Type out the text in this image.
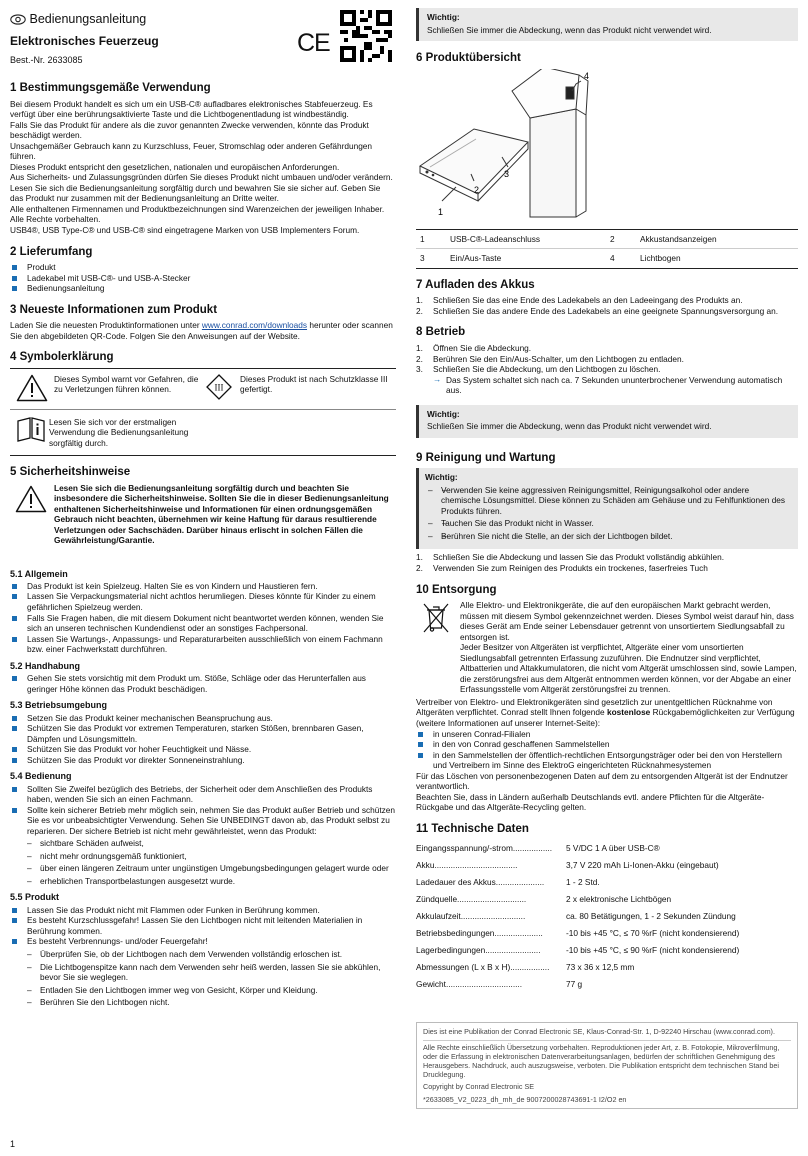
Bedienungsanleitung
Elektronisches Feuerzeug
Best.-Nr. 2633085
CE
1 Bestimmungsgemäße Verwendung

Bei diesem Produkt handelt es sich um ein USB-C® aufladbares elektronisches Stabfeuerzeug. Es verfügt über eine berührungsaktivierte Taste und die Lichtbogenentladung ist windbeständig.

Falls Sie das Produkt für andere als die zuvor genannten Zwecke verwenden, könnte das Produkt beschädigt werden.

Unsachgemäßer Gebrauch kann zu Kurzschluss, Feuer, Stromschlag oder anderen Gefährdungen führen.

Dieses Produkt entspricht den gesetzlichen, nationalen und europäischen Anforderungen.

Aus Sicherheits- und Zulassungsgründen dürfen Sie dieses Produkt nicht umbauen und/oder verändern.

Lesen Sie sich die Bedienungsanleitung sorgfältig durch und bewahren Sie sie sicher auf. Geben Sie das Produkt nur zusammen mit der Bedienungsanleitung an Dritte weiter.

Alle enthaltenen Firmennamen und Produktbezeichnungen sind Warenzeichen der jeweiligen Inhaber. Alle Rechte vorbehalten.

USB4®, USB Type-C® und USB-C® sind eingetragene Marken von USB Implementers Forum.

2 Lieferumfang
Produkt
Ladekabel mit USB-C®- und USB-A-Stecker
Bedienungsanleitung
3 Neueste Informationen zum Produkt

Laden Sie die neuesten Produktinformationen unter www.conrad.com/downloads herunter oder scannen Sie den abgebildeten QR-Code. Folgen Sie den Anweisungen auf der Website.

4 Symbolerklärung
Dieses Symbol warnt vor Gefahren, die zu Verletzungen führen können.	III
Dieses Produkt ist nach Schutzklasse III gefertigt.
Lesen Sie sich vor der erstmaligen Verwendung die Bedienungsanleitung sorgfältig durch.
5 Sicherheitshinweise
Lesen Sie sich die Bedienungsanleitung sorgfältig durch und beachten Sie insbesondere die Sicherheitshinweise. Sollten Sie die in dieser Bedienungsanleitung enthaltenen Sicherheitshinweise und Informationen für einen ordnungsgemäßen Gebrauch nicht beachten, übernehmen wir keine Haftung für daraus resultierende Verletzungen oder Sachschäden. Darüber hinaus erlischt in solchen Fällen die Gewährleistung/Garantie.
5.1 Allgemein
Das Produkt ist kein Spielzeug. Halten Sie es von Kindern und Haustieren fern.
Lassen Sie Verpackungsmaterial nicht achtlos herumliegen. Dieses könnte für Kinder zu einem gefährlichen Spielzeug werden.
Falls Sie Fragen haben, die mit diesem Dokument nicht beantwortet werden können, wenden Sie sich an unseren technischen Kundendienst oder an sonstiges Fachpersonal.
Lassen Sie Wartungs-, Anpassungs- und Reparaturarbeiten ausschließlich von einem Fachmann bzw. einer Fachwerkstatt durchführen.
5.2 Handhabung
Gehen Sie stets vorsichtig mit dem Produkt um. Stöße, Schläge oder das Herunterfallen aus geringer Höhe können das Produkt beschädigen.
5.3 Betriebsumgebung
Setzen Sie das Produkt keiner mechanischen Beanspruchung aus.
Schützen Sie das Produkt vor extremen Temperaturen, starken Stößen, brennbaren Gasen, Dämpfen und Lösungsmitteln.
Schützen Sie das Produkt vor hoher Feuchtigkeit und Nässe.
Schützen Sie das Produkt vor direkter Sonneneinstrahlung.
5.4 Bedienung
Sollten Sie Zweifel bezüglich des Betriebs, der Sicherheit oder dem Anschließen des Produkts haben, wenden Sie sich an einen Fachmann.
Sollte kein sicherer Betrieb mehr möglich sein, nehmen Sie das Produkt außer Betrieb und schützen Sie es vor unbeabsichtigter Verwendung. Sehen Sie UNBEDINGT davon ab, das Produkt selbst zu reparieren. Der sichere Betrieb ist nicht mehr gewährleistet, wenn das Produkt:
– sichtbare Schäden aufweist,
– nicht mehr ordnungsgemäß funktioniert,
– über einen längeren Zeitraum unter ungünstigen Umgebungsbedingungen gelagert wurde oder
– erheblichen Transportbelastungen ausgesetzt wurde.
5.5 Produkt
Lassen Sie das Produkt nicht mit Flammen oder Funken in Berührung kommen.
Es besteht Kurzschlussgefahr! Lassen Sie den Lichtbogen nicht mit leitenden Materialien in Berührung kommen.
Es besteht Verbrennungs- und/oder Feuergefahr!
– Überprüfen Sie, ob der Lichtbogen nach dem Verwenden vollständig erloschen ist.
– Die Lichtbogenspitze kann nach dem Verwenden sehr heiß werden, lassen Sie sie abkühlen, bevor Sie sie weglegen.
– Entladen Sie den Lichtbogen immer weg von Gesicht, Körper und Kleidung.
– Berühren Sie den Lichtbogen nicht.
Wichtig:
Schließen Sie immer die Abdeckung, wenn das Produkt nicht verwendet wird.
6 Produktübersicht
1
2
3
4
1	USB-C®-Ladeanschluss	2	Akkustandsanzeigen
3	Ein/Aus-Taste	4	Lichtbogen
7 Aufladen des Akkus
1. Schließen Sie das eine Ende des Ladekabels an den Ladeeingang des Produkts an.
2. Schließen Sie das andere Ende des Ladekabels an eine geeignete Spannungsversorgung an.
8 Betrieb
1. Öffnen Sie die Abdeckung.
2. Berühren Sie den Ein/Aus-Schalter, um den Lichtbogen zu entladen.
3. Schließen Sie die Abdeckung, um den Lichtbogen zu löschen.
→ Das System schaltet sich nach ca. 7 Sekunden ununterbrochener Verwendung automatisch aus.
Wichtig:
Schließen Sie immer die Abdeckung, wenn das Produkt nicht verwendet wird.
9 Reinigung und Wartung
Wichtig:
– – Verwenden Sie keine aggressiven Reinigungsmittel, Reinigungsalkohol oder andere chemische Lösungsmittel. Diese können zu Schäden am Gehäuse und zu Fehlfunktionen des Produkts führen.
– – Tauchen Sie das Produkt nicht in Wasser.
– – Berühren Sie nicht die Stelle, an der sich der Lichtbogen bildet.
1. Schließen Sie die Abdeckung und lassen Sie das Produkt vollständig abkühlen.
2. Verwenden Sie zum Reinigen des Produkts ein trockenes, faserfreies Tuch
10 Entsorgung

Alle Elektro- und Elektronikgeräte, die auf den europäischen Markt gebracht werden, müssen mit diesem Symbol gekennzeichnet werden. Dieses Symbol weist darauf hin, dass dieses Gerät am Ende seiner Lebensdauer getrennt von unsortiertem Siedlungsabfall zu entsorgen ist.

Jeder Besitzer von Altgeräten ist verpflichtet, Altgeräte einer vom unsortierten Siedlungsabfall getrennten Erfassung zuzuführen. Die Endnutzer sind verpflichtet, Altbatterien und Altakkumulatoren, die nicht vom Altgerät umschlossen sind, sowie Lampen, die zerstörungsfrei aus dem Altgerät entnommen werden können, vor der Abgabe an einer Erfassungsstelle vom Altgerät zerstörungsfrei zu trennen.

Vertreiber von Elektro- und Elektronikgeräten sind gesetzlich zur unentgeltlichen Rücknahme von Altgeräten verpflichtet. Conrad stellt Ihnen folgende kostenlose Rückgabemöglichkeiten zur Verfügung (weitere Informationen auf unserer Internet-Seite):

in unseren Conrad-Filialen
in den von Conrad geschaffenen Sammelstellen
in den Sammelstellen der öffentlich-rechtlichen Entsorgungsträger oder bei den von Herstellern und Vertreibern im Sinne des ElektroG eingerichteten Rücknahmesystemen

Für das Löschen von personenbezogenen Daten auf dem zu entsorgenden Altgerät ist der Endnutzer verantwortlich.

Beachten Sie, dass in Ländern außerhalb Deutschlands evtl. andere Pflichten für die Altgeräte-Rückgabe und das Altgeräte-Recycling gelten.

11 Technische Daten
Eingangsspannung/-strom.................	5 V/DC 1 A über USB-C®
Akku....................................	3,7 V 220 mAh Li-Ionen-Akku (eingebaut)
Ladedauer des Akkus.....................	1 - 2 Std.
Zündquelle..............................	2 x elektronische Lichtbögen
Akkulaufzeit............................	ca. 80 Betätigungen, 1 - 2 Sekunden Zündung
Betriebsbedingungen.....................	-10 bis +45 °C, ≤ 70 %rF (nicht kondensierend)
Lagerbedingungen........................	-10 bis +45 °C, ≤ 90 %rF (nicht kondensierend)
Abmessungen (L x B x H).................	73 x 36 x 12,5 mm
Gewicht.................................	77 g
Dies ist eine Publikation der Conrad Electronic SE, Klaus-Conrad-Str. 1, D-92240 Hirschau (www.conrad.com).
Alle Rechte einschließlich Übersetzung vorbehalten. Reproduktionen jeder Art, z. B. Fotokopie, Mikroverfilmung, oder die Erfassung in elektronischen Datenverarbeitungsanlagen, bedürfen der schriftlichen Genehmigung des Herausgebers. Nachdruck, auch auszugsweise, verboten. Die Publikation entspricht dem technischen Stand bei Drucklegung.
Copyright by Conrad Electronic SE
*2633085_V2_0223_dh_mh_de 9007200028743691-1 I2/O2 en
1
